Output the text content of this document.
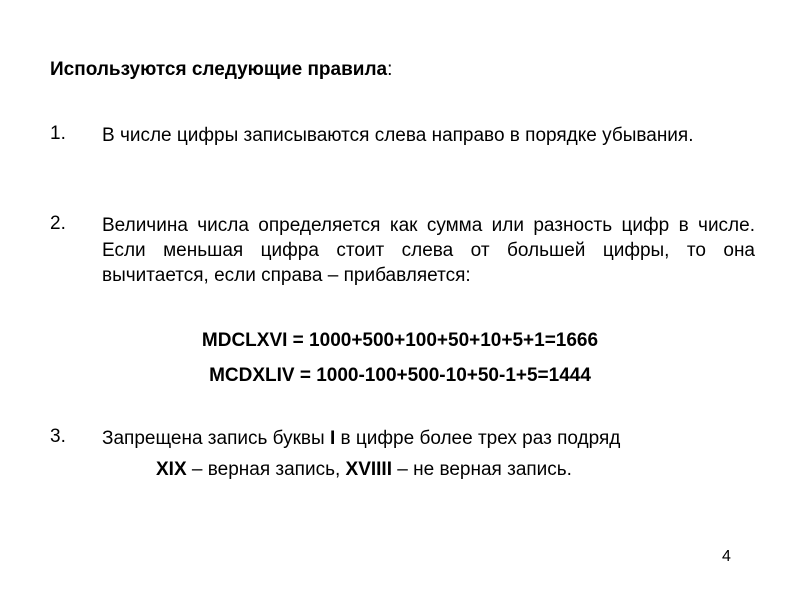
Используются следующие правила:
1.	В числе цифры записываются слева направо в порядке убывания.
2.	Величина числа определяется как сумма или разность цифр в числе. Если меньшая цифра стоит слева от большей цифры, то она вычитается, если справа – прибавляется:
MDCLXVI = 1000+500+100+50+10+5+1=1666
MCDXLIV = 1000-100+500-10+50-1+5=1444
3.	Запрещена запись буквы I в цифре более трех раз подряд
XIX – верная запись, XVIIII – не верная запись.
4
